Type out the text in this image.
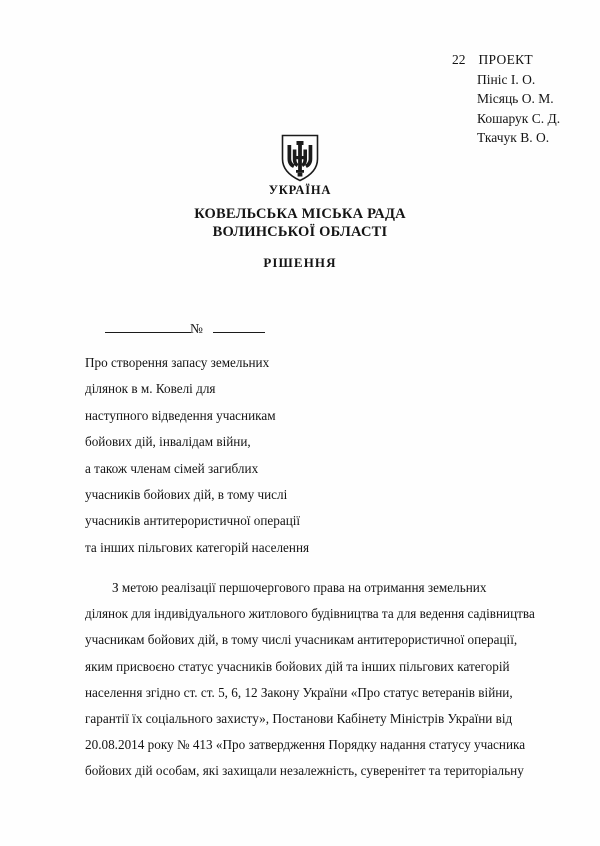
22 ПРОЕКТ
Пініс І. О.
Місяць О. М.
Кошарук С. Д.
Ткачук В. О.
УКРАЇНА
КОВЕЛЬСЬКА МІСЬКА РАДА
ВОЛИНСЬКОЇ ОБЛАСТІ
РІШЕННЯ
№
Про створення запасу земельних
ділянок в м. Ковелі для
наступного відведення учасникам
бойових дій, інвалідам війни,
а також членам сімей загиблих
учасників бойових дій, в тому числі
учасників антитерористичної операції
та інших пільгових категорій населення
З метою реалізації першочергового права на отримання земельних
ділянок для індивідуального житлового будівництва та для ведення садівництва
учасникам бойових дій, в тому числі учасникам антитерористичної операції,
яким присвоєно статус учасників бойових дій та інших пільгових категорій
населення згідно ст. ст. 5, 6, 12 Закону України «Про статус ветеранів війни,
гарантії їх соціального захисту», Постанови Кабінету Міністрів України від
20.08.2014 року № 413 «Про затвердження Порядку надання статусу учасника
бойових дій особам, які захищали незалежність, суверенітет та територіальну
